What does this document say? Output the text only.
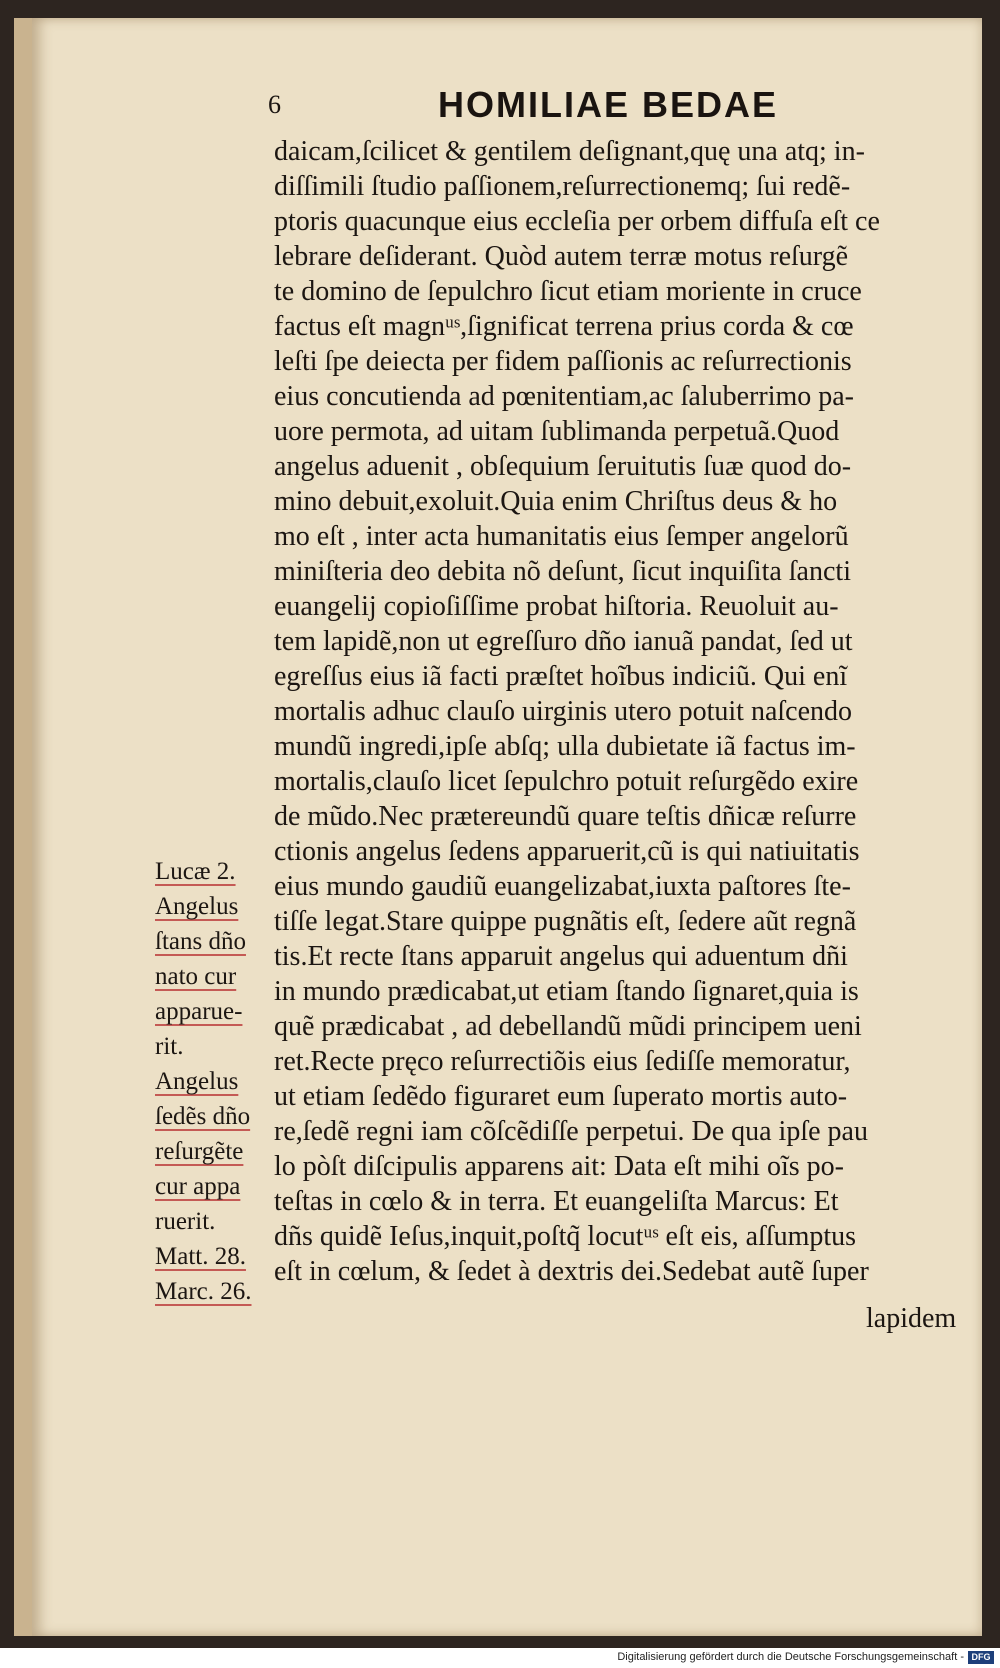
6	HOMILIAE BEDAE
daicam,ſcilicet & gentilem deſignant,quę una atq; in-
diſſimili ſtudio paſſionem,reſurrectionemq; ſui redẽ-
ptoris quacunque eius eccleſia per orbem diffuſa eſt ce
lebrare deſiderant. Quòd autem terræ motus reſurgẽ
te domino de ſepulchro ſicut etiam moriente in cruce
factus eſt magnᵘˢ,ſignificat terrena prius corda & cœ
leſti ſpe deiecta per fidem paſſionis ac reſurrectionis
eius concutienda ad pœnitentiam,ac ſaluberrimo pa-
uore permota, ad uitam ſublimanda perpetuã.Quod
angelus aduenit , obſequium ſeruitutis ſuæ quod do-
mino debuit,exoluit.Quia enim Chriſtus deus & ho
mo eſt , inter acta humanitatis eius ſemper angelorũ
miniſteria deo debita nõ deſunt, ſicut inquiſita ſancti
euangelij copioſiſſime probat hiſtoria. Reuoluit au-
tem lapidẽ,non ut egreſſuro dño ianuã pandat, ſed ut
egreſſus eius iã facti præſtet hoĩbus indiciũ. Qui enĩ
mortalis adhuc clauſo uirginis utero potuit naſcendo
mundũ ingredi,ipſe abſq; ulla dubietate iã factus im-
mortalis,clauſo licet ſepulchro potuit reſurgẽdo exire
de mũdo.Nec prætereundũ quare teſtis dñicæ reſurre
ctionis angelus ſedens apparuerit,cũ is qui natiuitatis
eius mundo gaudiũ euangelizabat,iuxta paſtores ſte-
tiſſe legat.Stare quippe pugnãtis eſt, ſedere aũt regnã
tis.Et recte ſtans apparuit angelus qui aduentum dñi
in mundo prædicabat,ut etiam ſtando ſignaret,quia is
quẽ prædicabat , ad debellandũ mũdi principem ueni
ret.Recte pręco reſurrectiõis eius ſediſſe memoratur,
ut etiam ſedẽdo figuraret eum ſuperato mortis auto-
re,ſedẽ regni iam cõſcẽdiſſe perpetui. De qua ipſe pau
lo pòſt diſcipulis apparens ait: Data eſt mihi oĩs po-
teſtas in cœlo & in terra. Et euangeliſta Marcus: Et
dñs quidẽ Ieſus,inquit,poſtq̃ locutᵘˢ eſt eis, aſſumptus
eſt in cœlum, & ſedet à dextris dei.Sedebat autẽ ſuper
lapidem
Lucæ 2.
Angelus
ſtans dño
nato cur
apparue-
rit.
Angelus
ſedẽs dño
reſurgẽte
cur appa
ruerit.
Matt. 28.
Marc. 26.
Digitalisierung gefördert durch die Deutsche Forschungsgemeinschaft - DFG
